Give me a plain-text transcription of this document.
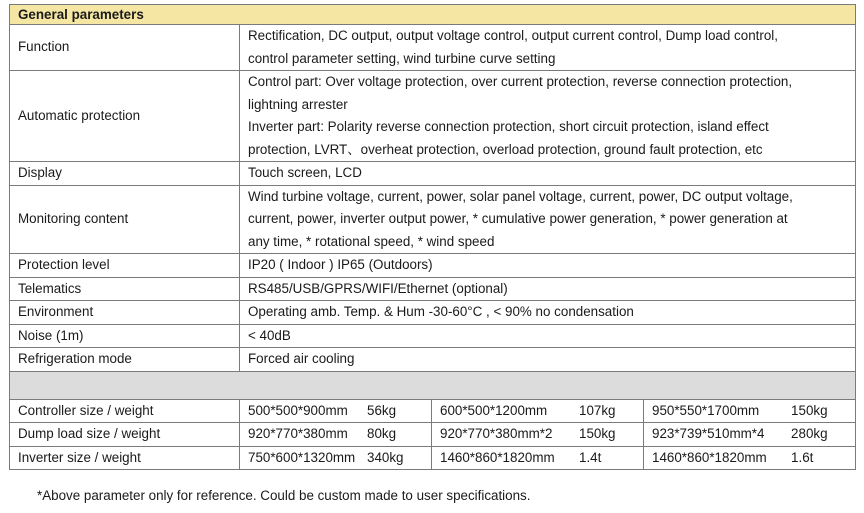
General parameters			
Function	Rectification, DC output, output voltage control, output current control, Dump load control,
control parameter setting, wind turbine curve setting		

Automatic protection	Control part: Over voltage protection, over current protection, reverse connection protection,
lightning arrester
Inverter part: Polarity reverse connection protection, short circuit protection, island effect
protection, LVRT、overheat protection, overload protection, ground fault protection, etc		

Display	Touch screen, LCD		

Monitoring content	Wind turbine voltage, current, power, solar panel voltage, current, power, DC output voltage,
current, power, inverter output power, * cumulative power generation, * power generation at
any time, * rotational speed, * wind speed		

Protection level	IP20 ( Indoor ) IP65 (Outdoors)		

Telematics	RS485/USB/GPRS/WIFI/Ethernet (optional)		

Environment	Operating amb. Temp. & Hum -30-60°C , < 90% no condensation		

Noise (1m)	< 40dB		

Refrigeration mode	Forced air cooling		

Controller size / weight	500*500*900mm 56kg	600*500*1200mm 107kg	950*550*1700mm 150kg

Dump load size / weight	920*770*380mm 80kg	920*770*380mm*2 150kg	923*739*510mm*4 280kg

Inverter size / weight	750*600*1320mm 340kg	1460*860*1820mm 1.4t	1460*860*1820mm 1.6t
*Above parameter only for reference. Could be custom made to user specifications.
